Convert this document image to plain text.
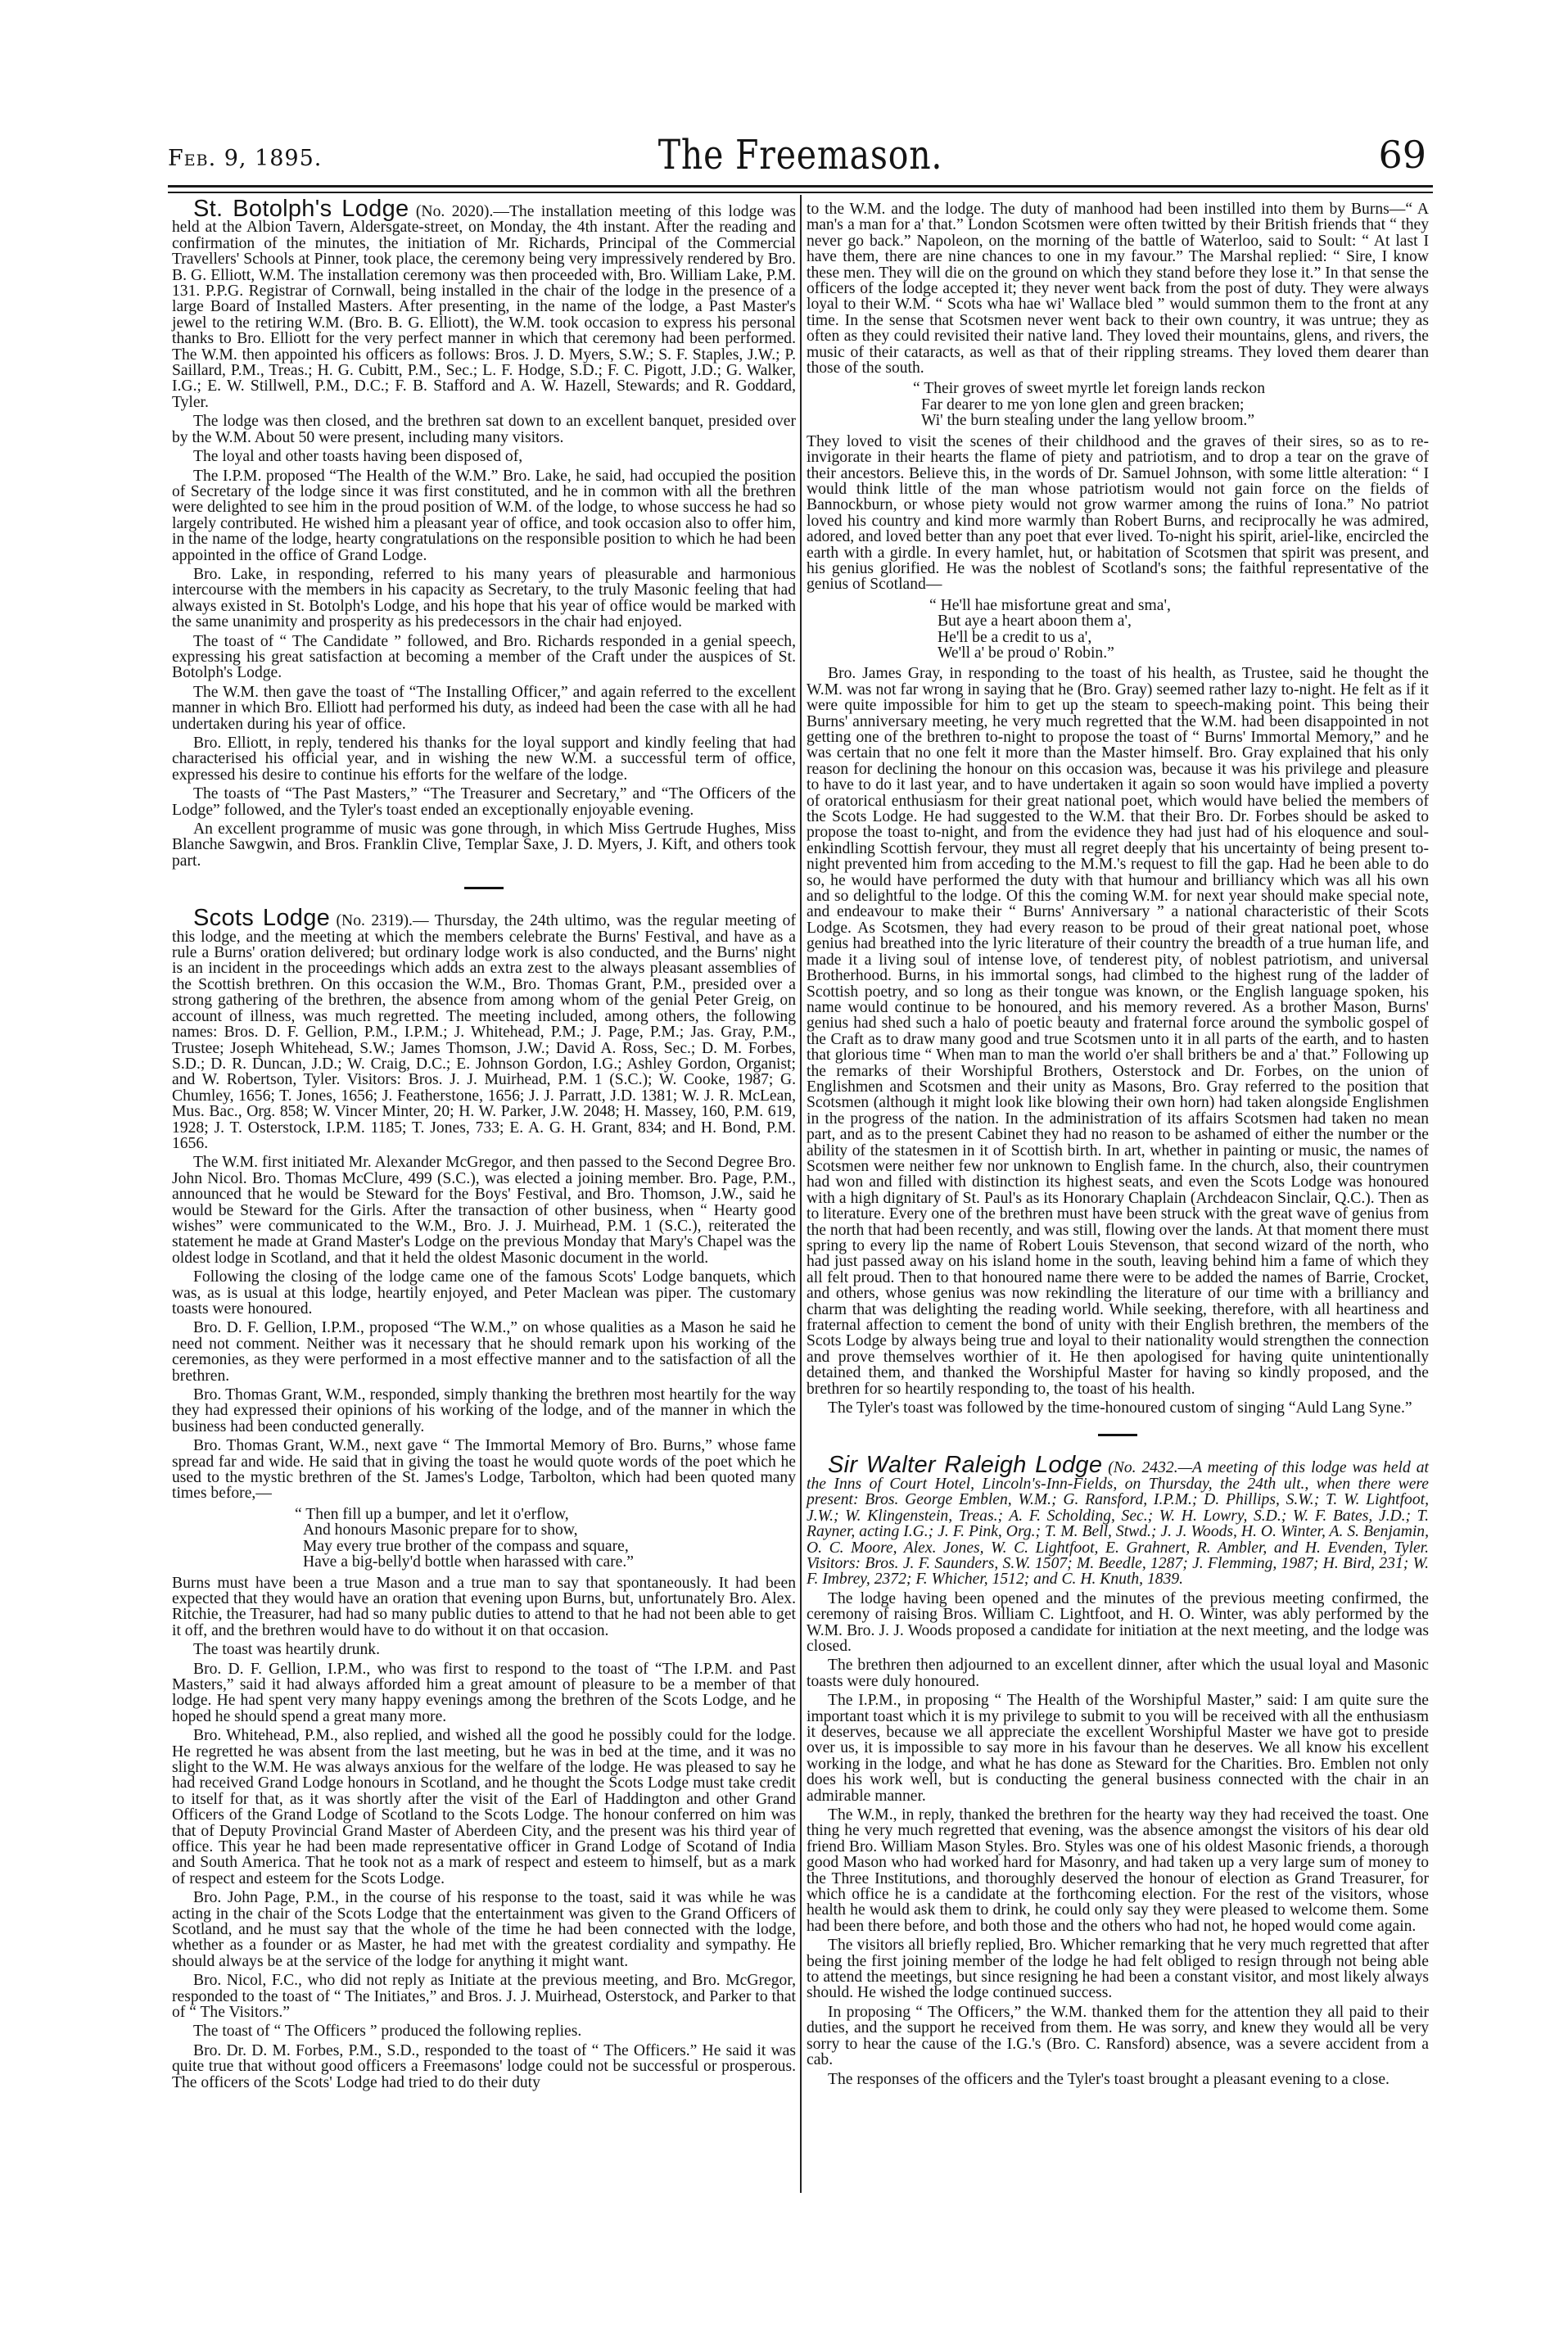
Feb. 9, 1895.	The Freemason.	69

St. Botolph's Lodge (No. 2020).—The installation meeting of this lodge was held at the Albion Tavern, Aldersgate-street, on Monday, the 4th instant. After the reading and confirmation of the minutes, the initiation of Mr. Richards, Principal of the Commercial Travellers' Schools at Pinner, took place, the ceremony being very impressively rendered by Bro. B. G. Elliott, W.M. The installation ceremony was then proceeded with, Bro. William Lake, P.M. 131. P.P.G. Registrar of Cornwall, being installed in the chair of the lodge in the presence of a large Board of Installed Masters. After presenting, in the name of the lodge, a Past Master's jewel to the retiring W.M. (Bro. B. G. Elliott), the W.M. took occasion to express his personal thanks to Bro. Elliott for the very perfect manner in which that ceremony had been performed. The W.M. then appointed his officers as follows: Bros. J. D. Myers, S.W.; S. F. Staples, J.W.; P. Saillard, P.M., Treas.; H. G. Cubitt, P.M., Sec.; L. F. Hodge, S.D.; F. C. Pigott, J.D.; G. Walker, I.G.; E. W. Stillwell, P.M., D.C.; F. B. Stafford and A. W. Hazell, Stewards; and R. Goddard, Tyler.

The lodge was then closed, and the brethren sat down to an excellent banquet, presided over by the W.M. About 50 were present, including many visitors.

The loyal and other toasts having been disposed of,

The I.P.M. proposed “The Health of the W.M.” Bro. Lake, he said, had occupied the position of Secretary of the lodge since it was first constituted, and he in common with all the brethren were delighted to see him in the proud position of W.M. of the lodge, to whose success he had so largely contributed. He wished him a pleasant year of office, and took occasion also to offer him, in the name of the lodge, hearty congratulations on the responsible position to which he had been appointed in the office of Grand Lodge.

Bro. Lake, in responding, referred to his many years of pleasurable and harmonious intercourse with the members in his capacity as Secretary, to the truly Masonic feeling that had always existed in St. Botolph's Lodge, and his hope that his year of office would be marked with the same unanimity and prosperity as his predecessors in the chair had enjoyed.

The toast of “ The Candidate ” followed, and Bro. Richards responded in a genial speech, expressing his great satisfaction at becoming a member of the Craft under the auspices of St. Botolph's Lodge.

The W.M. then gave the toast of “The Installing Officer,” and again referred to the excellent manner in which Bro. Elliott had performed his duty, as indeed had been the case with all he had undertaken during his year of office.

Bro. Elliott, in reply, tendered his thanks for the loyal support and kindly feeling that had characterised his official year, and in wishing the new W.M. a successful term of office, expressed his desire to continue his efforts for the welfare of the lodge.

The toasts of “The Past Masters,” “The Treasurer and Secretary,” and “The Officers of the Lodge” followed, and the Tyler's toast ended an exceptionally enjoyable evening.

An excellent programme of music was gone through, in which Miss Gertrude Hughes, Miss Blanche Sawgwin, and Bros. Franklin Clive, Templar Saxe, J. D. Myers, J. Kift, and others took part.

Scots Lodge (No. 2319).— Thursday, the 24th ultimo, was the regular meeting of this lodge, and the meeting at which the members celebrate the Burns' Festival, and have as a rule a Burns' oration delivered; but ordinary lodge work is also conducted, and the Burns' night is an incident in the proceedings which adds an extra zest to the always pleasant assemblies of the Scottish brethren. On this occasion the W.M., Bro. Thomas Grant, P.M., presided over a strong gathering of the brethren, the absence from among whom of the genial Peter Greig, on account of illness, was much regretted. The meeting included, among others, the following names: Bros. D. F. Gellion, P.M., I.P.M.; J. Whitehead, P.M.; J. Page, P.M.; Jas. Gray, P.M., Trustee; Joseph Whitehead, S.W.; James Thomson, J.W.; David A. Ross, Sec.; D. M. Forbes, S.D.; D. R. Duncan, J.D.; W. Craig, D.C.; E. Johnson Gordon, I.G.; Ashley Gordon, Organist; and W. Robertson, Tyler. Visitors: Bros. J. J. Muirhead, P.M. 1 (S.C.); W. Cooke, 1987; G. Chumley, 1656; T. Jones, 1656; J. Featherstone, 1656; J. J. Parratt, J.D. 1381; W. J. R. McLean, Mus. Bac., Org. 858; W. Vincer Minter, 20; H. W. Parker, J.W. 2048; H. Massey, 160, P.M. 619, 1928; J. T. Osterstock, I.P.M. 1185; T. Jones, 733; E. A. G. H. Grant, 834; and H. Bond, P.M. 1656.

The W.M. first initiated Mr. Alexander McGregor, and then passed to the Second Degree Bro. John Nicol. Bro. Thomas McClure, 499 (S.C.), was elected a joining member. Bro. Page, P.M., announced that he would be Steward for the Boys' Festival, and Bro. Thomson, J.W., said he would be Steward for the Girls. After the transaction of other business, when “ Hearty good wishes” were communicated to the W.M., Bro. J. J. Muirhead, P.M. 1 (S.C.), reiterated the statement he made at Grand Master's Lodge on the previous Monday that Mary's Chapel was the oldest lodge in Scotland, and that it held the oldest Masonic document in the world.

Following the closing of the lodge came one of the famous Scots' Lodge banquets, which was, as is usual at this lodge, heartily enjoyed, and Peter Maclean was piper. The customary toasts were honoured.

Bro. D. F. Gellion, I.P.M., proposed “The W.M.,” on whose qualities as a Mason he said he need not comment. Neither was it necessary that he should remark upon his working of the ceremonies, as they were performed in a most effective manner and to the satisfaction of all the brethren.

Bro. Thomas Grant, W.M., responded, simply thanking the brethren most heartily for the way they had expressed their opinions of his working of the lodge, and of the manner in which the business had been conducted generally.

Bro. Thomas Grant, W.M., next gave “ The Immortal Memory of Bro. Burns,” whose fame spread far and wide. He said that in giving the toast he would quote words of the poet which he used to the mystic brethren of the St. James's Lodge, Tarbolton, which had been quoted many times before,—

“ Then fill up a bumper, and let it o'erflow,
And honours Masonic prepare for to show,
May every true brother of the compass and square,
Have a big-belly'd bottle when harassed with care.”

Burns must have been a true Mason and a true man to say that spontaneously. It had been expected that they would have an oration that evening upon Burns, but, unfortunately Bro. Alex. Ritchie, the Treasurer, had had so many public duties to attend to that he had not been able to get it off, and the brethren would have to do without it on that occasion.

The toast was heartily drunk.

Bro. D. F. Gellion, I.P.M., who was first to respond to the toast of “The I.P.M. and Past Masters,” said it had always afforded him a great amount of pleasure to be a member of that lodge. He had spent very many happy evenings among the brethren of the Scots Lodge, and he hoped he should spend a great many more.

Bro. Whitehead, P.M., also replied, and wished all the good he possibly could for the lodge. He regretted he was absent from the last meeting, but he was in bed at the time, and it was no slight to the W.M. He was always anxious for the welfare of the lodge. He was pleased to say he had received Grand Lodge honours in Scotland, and he thought the Scots Lodge must take credit to itself for that, as it was shortly after the visit of the Earl of Haddington and other Grand Officers of the Grand Lodge of Scotland to the Scots Lodge. The honour conferred on him was that of Deputy Provincial Grand Master of Aberdeen City, and the present was his third year of office. This year he had been made representative officer in Grand Lodge of Scotand of India and South America. That he took not as a mark of respect and esteem to himself, but as a mark of respect and esteem for the Scots Lodge.

Bro. John Page, P.M., in the course of his response to the toast, said it was while he was acting in the chair of the Scots Lodge that the entertainment was given to the Grand Officers of Scotland, and he must say that the whole of the time he had been connected with the lodge, whether as a founder or as Master, he had met with the greatest cordiality and sympathy. He should always be at the service of the lodge for anything it might want.

Bro. Nicol, F.C., who did not reply as Initiate at the previous meeting, and Bro. McGregor, responded to the toast of “ The Initiates,” and Bros. J. J. Muirhead, Osterstock, and Parker to that of “ The Visitors.”

The toast of “ The Officers ” produced the following replies.

Bro. Dr. D. M. Forbes, P.M., S.D., responded to the toast of “ The Officers.” He said it was quite true that without good officers a Freemasons' lodge could not be successful or prosperous. The officers of the Scots' Lodge had tried to do their duty

to the W.M. and the lodge. The duty of manhood had been instilled into them by Burns—“ A man's a man for a' that.” London Scotsmen were often twitted by their British friends that “ they never go back.” Napoleon, on the morning of the battle of Waterloo, said to Soult: “ At last I have them, there are nine chances to one in my favour.” The Marshal replied: “ Sire, I know these men. They will die on the ground on which they stand before they lose it.” In that sense the officers of the lodge accepted it; they never went back from the post of duty. They were always loyal to their W.M. “ Scots wha hae wi' Wallace bled ” would summon them to the front at any time. In the sense that Scotsmen never went back to their own country, it was untrue; they as often as they could revisited their native land. They loved their mountains, glens, and rivers, the music of their cataracts, as well as that of their rippling streams. They loved them dearer than those of the south.

“ Their groves of sweet myrtle let foreign lands reckon
Far dearer to me yon lone glen and green bracken;
Wi' the burn stealing under the lang yellow broom.”

They loved to visit the scenes of their childhood and the graves of their sires, so as to re-invigorate in their hearts the flame of piety and patriotism, and to drop a tear on the grave of their ancestors. Believe this, in the words of Dr. Samuel Johnson, with some little alteration: “ I would think little of the man whose patriotism would not gain force on the fields of Bannockburn, or whose piety would not grow warmer among the ruins of Iona.” No patriot loved his country and kind more warmly than Robert Burns, and reciprocally he was admired, adored, and loved better than any poet that ever lived. To-night his spirit, ariel-like, encircled the earth with a girdle. In every hamlet, hut, or habitation of Scotsmen that spirit was present, and his genius glorified. He was the noblest of Scotland's sons; the faithful representative of the genius of Scotland—

“ He'll hae misfortune great and sma',
But aye a heart aboon them a',
He'll be a credit to us a',
We'll a' be proud o' Robin.”

Bro. James Gray, in responding to the toast of his health, as Trustee, said he thought the W.M. was not far wrong in saying that he (Bro. Gray) seemed rather lazy to-night. He felt as if it were quite impossible for him to get up the steam to speech-making point. This being their Burns' anniversary meeting, he very much regretted that the W.M. had been disappointed in not getting one of the brethren to-night to propose the toast of “ Burns' Immortal Memory,” and he was certain that no one felt it more than the Master himself. Bro. Gray explained that his only reason for declining the honour on this occasion was, because it was his privilege and pleasure to have to do it last year, and to have undertaken it again so soon would have implied a poverty of oratorical enthusiasm for their great national poet, which would have belied the members of the Scots Lodge. He had suggested to the W.M. that their Bro. Dr. Forbes should be asked to propose the toast to-night, and from the evidence they had just had of his eloquence and soul-enkindling Scottish fervour, they must all regret deeply that his uncertainty of being present to-night prevented him from acceding to the M.M.'s request to fill the gap. Had he been able to do so, he would have performed the duty with that humour and brilliancy which was all his own and so delightful to the lodge. Of this the coming W.M. for next year should make special note, and endeavour to make their “ Burns' Anniversary ” a national characteristic of their Scots Lodge. As Scotsmen, they had every reason to be proud of their great national poet, whose genius had breathed into the lyric literature of their country the breadth of a true human life, and made it a living soul of intense love, of tenderest pity, of noblest patriotism, and universal Brotherhood. Burns, in his immortal songs, had climbed to the highest rung of the ladder of Scottish poetry, and so long as their tongue was known, or the English language spoken, his name would continue to be honoured, and his memory revered. As a brother Mason, Burns' genius had shed such a halo of poetic beauty and fraternal force around the symbolic gospel of the Craft as to draw many good and true Scotsmen unto it in all parts of the earth, and to hasten that glorious time “ When man to man the world o'er shall brithers be and a' that.” Following up the remarks of their Worshipful Brothers, Osterstock and Dr. Forbes, on the union of Englishmen and Scotsmen and their unity as Masons, Bro. Gray referred to the position that Scotsmen (although it might look like blowing their own horn) had taken alongside Englishmen in the progress of the nation. In the administration of its affairs Scotsmen had taken no mean part, and as to the present Cabinet they had no reason to be ashamed of either the number or the ability of the statesmen in it of Scottish birth. In art, whether in painting or music, the names of Scotsmen were neither few nor unknown to English fame. In the church, also, their countrymen had won and filled with distinction its highest seats, and even the Scots Lodge was honoured with a high dignitary of St. Paul's as its Honorary Chaplain (Archdeacon Sinclair, Q.C.). Then as to literature. Every one of the brethren must have been struck with the great wave of genius from the north that had been recently, and was still, flowing over the lands. At that moment there must spring to every lip the name of Robert Louis Stevenson, that second wizard of the north, who had just passed away on his island home in the south, leaving behind him a fame of which they all felt proud. Then to that honoured name there were to be added the names of Barrie, Crocket, and others, whose genius was now rekindling the literature of our time with a brilliancy and charm that was delighting the reading world. While seeking, therefore, with all heartiness and fraternal affection to cement the bond of unity with their English brethren, the members of the Scots Lodge by always being true and loyal to their nationality would strengthen the connection and prove themselves worthier of it. He then apologised for having quite unintentionally detained them, and thanked the Worshipful Master for having so kindly proposed, and the brethren for so heartily responding to, the toast of his health.

The Tyler's toast was followed by the time-honoured custom of singing “Auld Lang Syne.”

Sir Walter Raleigh Lodge (No. 2432.—A meeting of this lodge was held at the Inns of Court Hotel, Lincoln's-Inn-Fields, on Thursday, the 24th ult., when there were present: Bros. George Emblen, W.M.; G. Ransford, I.P.M.; D. Phillips, S.W.; T. W. Lightfoot, J.W.; W. Klingenstein, Treas.; A. F. Scholding, Sec.; W. H. Lowry, S.D.; W. F. Bates, J.D.; T. Rayner, acting I.G.; J. F. Pink, Org.; T. M. Bell, Stwd.; J. J. Woods, H. O. Winter, A. S. Benjamin, O. C. Moore, Alex. Jones, W. C. Lightfoot, E. Grahnert, R. Ambler, and H. Evenden, Tyler. Visitors: Bros. J. F. Saunders, S.W. 1507; M. Beedle, 1287; J. Flemming, 1987; H. Bird, 231; W. F. Imbrey, 2372; F. Whicher, 1512; and C. H. Knuth, 1839.

The lodge having been opened and the minutes of the previous meeting confirmed, the ceremony of raising Bros. William C. Lightfoot, and H. O. Winter, was ably performed by the W.M. Bro. J. J. Woods proposed a candidate for initiation at the next meeting, and the lodge was closed.

The brethren then adjourned to an excellent dinner, after which the usual loyal and Masonic toasts were duly honoured.

The I.P.M., in proposing “ The Health of the Worshipful Master,” said: I am quite sure the important toast which it is my privilege to submit to you will be received with all the enthusiasm it deserves, because we all appreciate the excellent Worshipful Master we have got to preside over us, it is impossible to say more in his favour than he deserves. We all know his excellent working in the lodge, and what he has done as Steward for the Charities. Bro. Emblen not only does his work well, but is conducting the general business connected with the chair in an admirable manner.

The W.M., in reply, thanked the brethren for the hearty way they had received the toast. One thing he very much regretted that evening, was the absence amongst the visitors of his dear old friend Bro. William Mason Styles. Bro. Styles was one of his oldest Masonic friends, a thorough good Mason who had worked hard for Masonry, and had taken up a very large sum of money to the Three Institutions, and thoroughly deserved the honour of election as Grand Treasurer, for which office he is a candidate at the forthcoming election. For the rest of the visitors, whose health he would ask them to drink, he could only say they were pleased to welcome them. Some had been there before, and both those and the others who had not, he hoped would come again.

The visitors all briefly replied, Bro. Whicher remarking that he very much regretted that after being the first joining member of the lodge he had felt obliged to resign through not being able to attend the meetings, but since resigning he had been a constant visitor, and most likely always should. He wished the lodge continued success.

In proposing “ The Officers,” the W.M. thanked them for the attention they all paid to their duties, and the support he received from them. He was sorry, and knew they would all be very sorry to hear the cause of the I.G.'s (Bro. C. Ransford) absence, was a severe accident from a cab.

The responses of the officers and the Tyler's toast brought a pleasant evening to a close.
